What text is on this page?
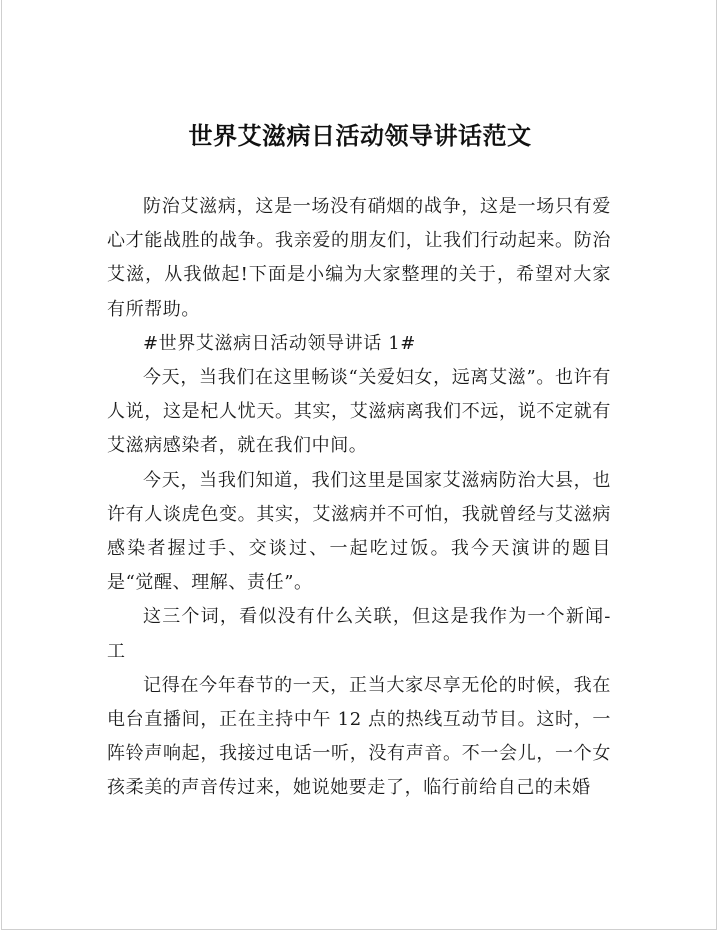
世界艾滋病日活动领导讲话范文

防治艾滋病，这是一场没有硝烟的战争，这是一场只有爱心才能战胜的战争。我亲爱的朋友们，让我们行动起来。防治艾滋，从我做起!下面是小编为大家整理的关于，希望对大家有所帮助。

#世界艾滋病日活动领导讲话 1#

今天，当我们在这里畅谈“关爱妇女，远离艾滋”。也许有人说，这是杞人忧天。其实，艾滋病离我们不远，说不定就有艾滋病感染者，就在我们中间。

今天，当我们知道，我们这里是国家艾滋病防治大县，也许有人谈虎色变。其实，艾滋病并不可怕，我就曾经与艾滋病感染者握过手、交谈过、一起吃过饭。我今天演讲的题目是“觉醒、理解、责任”。

这三个词，看似没有什么关联，但这是我作为一个新闻-工

记得在今年春节的一天，正当大家尽享无伦的时候，我在电台直播间，正在主持中午 12 点的热线互动节目。这时，一阵铃声响起，我接过电话一听，没有声音。不一会儿，一个女孩柔美的声音传过来，她说她要走了，临行前给自己的未婚
